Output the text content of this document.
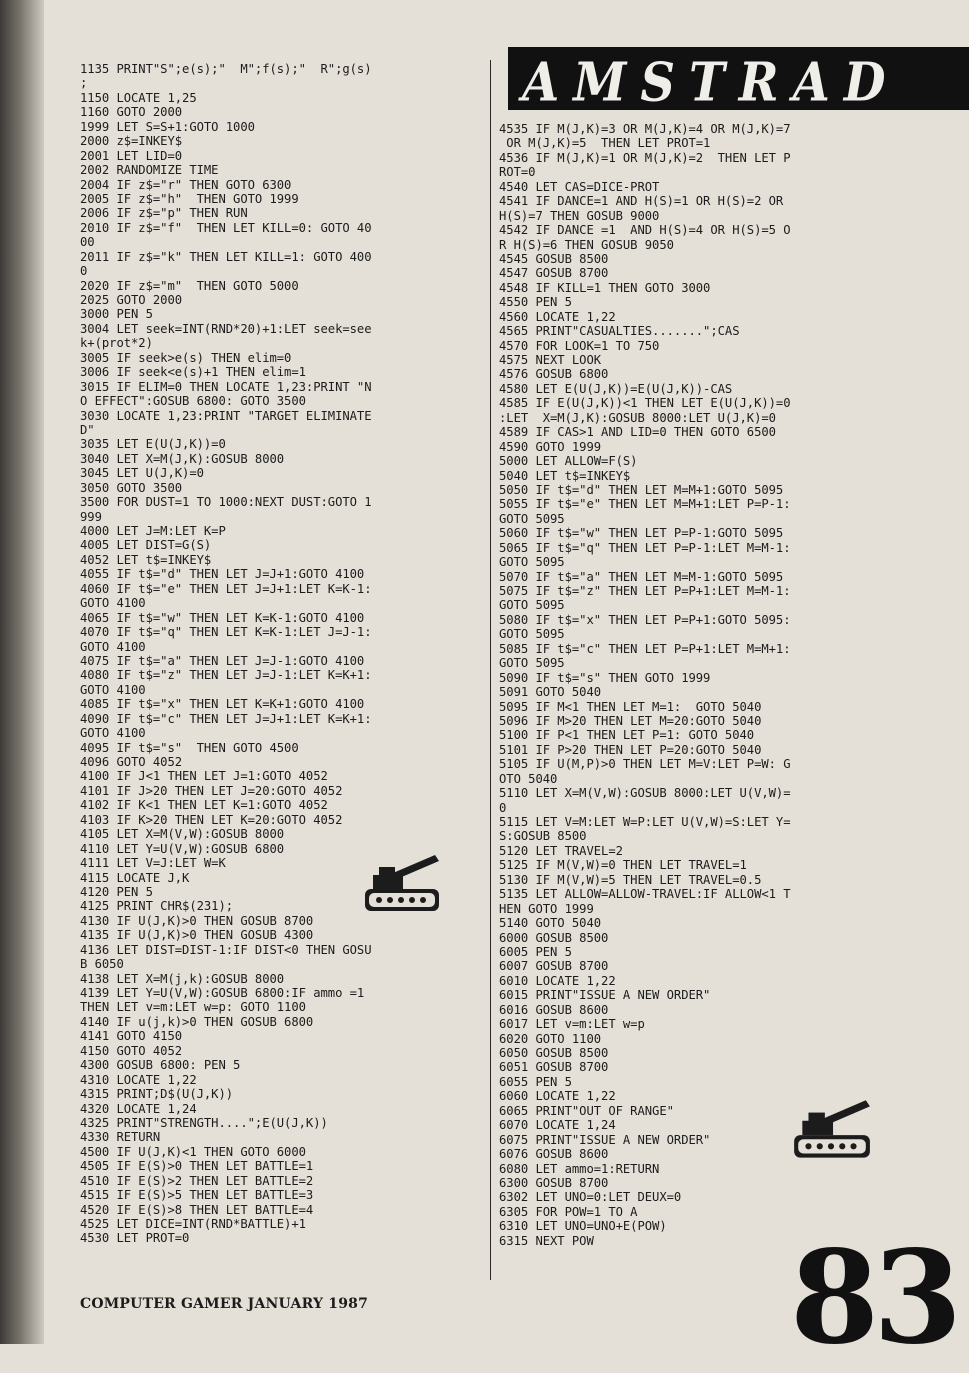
AMSTRAD
1135 PRINT"S";e(s);"  M";f(s);"  R";g(s)
;
1150 LOCATE 1,25
1160 GOTO 2000
1999 LET S=S+1:GOTO 1000
2000 z$=INKEY$
2001 LET LID=0
2002 RANDOMIZE TIME
2004 IF z$="r" THEN GOTO 6300
2005 IF z$="h"  THEN GOTO 1999
2006 IF z$="p" THEN RUN
2010 IF z$="f"  THEN LET KILL=0: GOTO 40
00
2011 IF z$="k" THEN LET KILL=1: GOTO 400
0
2020 IF z$="m"  THEN GOTO 5000
2025 GOTO 2000
3000 PEN 5
3004 LET seek=INT(RND*20)+1:LET seek=see
k+(prot*2)
3005 IF seek>e(s) THEN elim=0
3006 IF seek<e(s)+1 THEN elim=1
3015 IF ELIM=0 THEN LOCATE 1,23:PRINT "N
O EFFECT":GOSUB 6800: GOTO 3500
3030 LOCATE 1,23:PRINT "TARGET ELIMINATE
D"
3035 LET E(U(J,K))=0
3040 LET X=M(J,K):GOSUB 8000
3045 LET U(J,K)=0
3050 GOTO 3500
3500 FOR DUST=1 TO 1000:NEXT DUST:GOTO 1
999
4000 LET J=M:LET K=P
4005 LET DIST=G(S)
4052 LET t$=INKEY$
4055 IF t$="d" THEN LET J=J+1:GOTO 4100
4060 IF t$="e" THEN LET J=J+1:LET K=K-1:
GOTO 4100
4065 IF t$="w" THEN LET K=K-1:GOTO 4100
4070 IF t$="q" THEN LET K=K-1:LET J=J-1:
GOTO 4100
4075 IF t$="a" THEN LET J=J-1:GOTO 4100
4080 IF t$="z" THEN LET J=J-1:LET K=K+1:
GOTO 4100
4085 IF t$="x" THEN LET K=K+1:GOTO 4100
4090 IF t$="c" THEN LET J=J+1:LET K=K+1:
GOTO 4100
4095 IF t$="s"  THEN GOTO 4500
4096 GOTO 4052
4100 IF J<1 THEN LET J=1:GOTO 4052
4101 IF J>20 THEN LET J=20:GOTO 4052
4102 IF K<1 THEN LET K=1:GOTO 4052
4103 IF K>20 THEN LET K=20:GOTO 4052
4105 LET X=M(V,W):GOSUB 8000
4110 LET Y=U(V,W):GOSUB 6800
4111 LET V=J:LET W=K
4115 LOCATE J,K
4120 PEN 5
4125 PRINT CHR$(231);
4130 IF U(J,K)>0 THEN GOSUB 8700
4135 IF U(J,K)>0 THEN GOSUB 4300
4136 LET DIST=DIST-1:IF DIST<0 THEN GOSU
B 6050
4138 LET X=M(j,k):GOSUB 8000
4139 LET Y=U(V,W):GOSUB 6800:IF ammo =1
THEN LET v=m:LET w=p: GOTO 1100
4140 IF u(j,k)>0 THEN GOSUB 6800
4141 GOTO 4150
4150 GOTO 4052
4300 GOSUB 6800: PEN 5
4310 LOCATE 1,22
4315 PRINT;D$(U(J,K))
4320 LOCATE 1,24
4325 PRINT"STRENGTH....";E(U(J,K))
4330 RETURN
4500 IF U(J,K)<1 THEN GOTO 6000
4505 IF E(S)>0 THEN LET BATTLE=1
4510 IF E(S)>2 THEN LET BATTLE=2
4515 IF E(S)>5 THEN LET BATTLE=3
4520 IF E(S)>8 THEN LET BATTLE=4
4525 LET DICE=INT(RND*BATTLE)+1
4530 LET PROT=0
4535 IF M(J,K)=3 OR M(J,K)=4 OR M(J,K)=7
OR M(J,K)=5  THEN LET PROT=1
4536 IF M(J,K)=1 OR M(J,K)=2  THEN LET P
ROT=0
4540 LET CAS=DICE-PROT
4541 IF DANCE=1 AND H(S)=1 OR H(S)=2 OR
H(S)=7 THEN GOSUB 9000
4542 IF DANCE =1  AND H(S)=4 OR H(S)=5 O
R H(S)=6 THEN GOSUB 9050
4545 GOSUB 8500
4547 GOSUB 8700
4548 IF KILL=1 THEN GOTO 3000
4550 PEN 5
4560 LOCATE 1,22
4565 PRINT"CASUALTIES.......";CAS
4570 FOR LOOK=1 TO 750
4575 NEXT LOOK
4576 GOSUB 6800
4580 LET E(U(J,K))=E(U(J,K))-CAS
4585 IF E(U(J,K))<1 THEN LET E(U(J,K))=0
:LET  X=M(J,K):GOSUB 8000:LET U(J,K)=0
4589 IF CAS>1 AND LID=0 THEN GOTO 6500
4590 GOTO 1999
5000 LET ALLOW=F(S)
5040 LET t$=INKEY$
5050 IF t$="d" THEN LET M=M+1:GOTO 5095
5055 IF t$="e" THEN LET M=M+1:LET P=P-1:
GOTO 5095
5060 IF t$="w" THEN LET P=P-1:GOTO 5095
5065 IF t$="q" THEN LET P=P-1:LET M=M-1:
GOTO 5095
5070 IF t$="a" THEN LET M=M-1:GOTO 5095
5075 IF t$="z" THEN LET P=P+1:LET M=M-1:
GOTO 5095
5080 IF t$="x" THEN LET P=P+1:GOTO 5095:
GOTO 5095
5085 IF t$="c" THEN LET P=P+1:LET M=M+1:
GOTO 5095
5090 IF t$="s" THEN GOTO 1999
5091 GOTO 5040
5095 IF M<1 THEN LET M=1:  GOTO 5040
5096 IF M>20 THEN LET M=20:GOTO 5040
5100 IF P<1 THEN LET P=1: GOTO 5040
5101 IF P>20 THEN LET P=20:GOTO 5040
5105 IF U(M,P)>0 THEN LET M=V:LET P=W: G
OTO 5040
5110 LET X=M(V,W):GOSUB 8000:LET U(V,W)=
0
5115 LET V=M:LET W=P:LET U(V,W)=S:LET Y=
S:GOSUB 8500
5120 LET TRAVEL=2
5125 IF M(V,W)=0 THEN LET TRAVEL=1
5130 IF M(V,W)=5 THEN LET TRAVEL=0.5
5135 LET ALLOW=ALLOW-TRAVEL:IF ALLOW<1 T
HEN GOTO 1999
5140 GOTO 5040
6000 GOSUB 8500
6005 PEN 5
6007 GOSUB 8700
6010 LOCATE 1,22
6015 PRINT"ISSUE A NEW ORDER"
6016 GOSUB 8600
6017 LET v=m:LET w=p
6020 GOTO 1100
6050 GOSUB 8500
6051 GOSUB 8700
6055 PEN 5
6060 LOCATE 1,22
6065 PRINT"OUT OF RANGE"
6070 LOCATE 1,24
6075 PRINT"ISSUE A NEW ORDER"
6076 GOSUB 8600
6080 LET ammo=1:RETURN
6300 GOSUB 8700
6302 LET UNO=0:LET DEUX=0
6305 FOR POW=1 TO A
6310 LET UNO=UNO+E(POW)
6315 NEXT POW
COMPUTER GAMER JANUARY 1987	83
